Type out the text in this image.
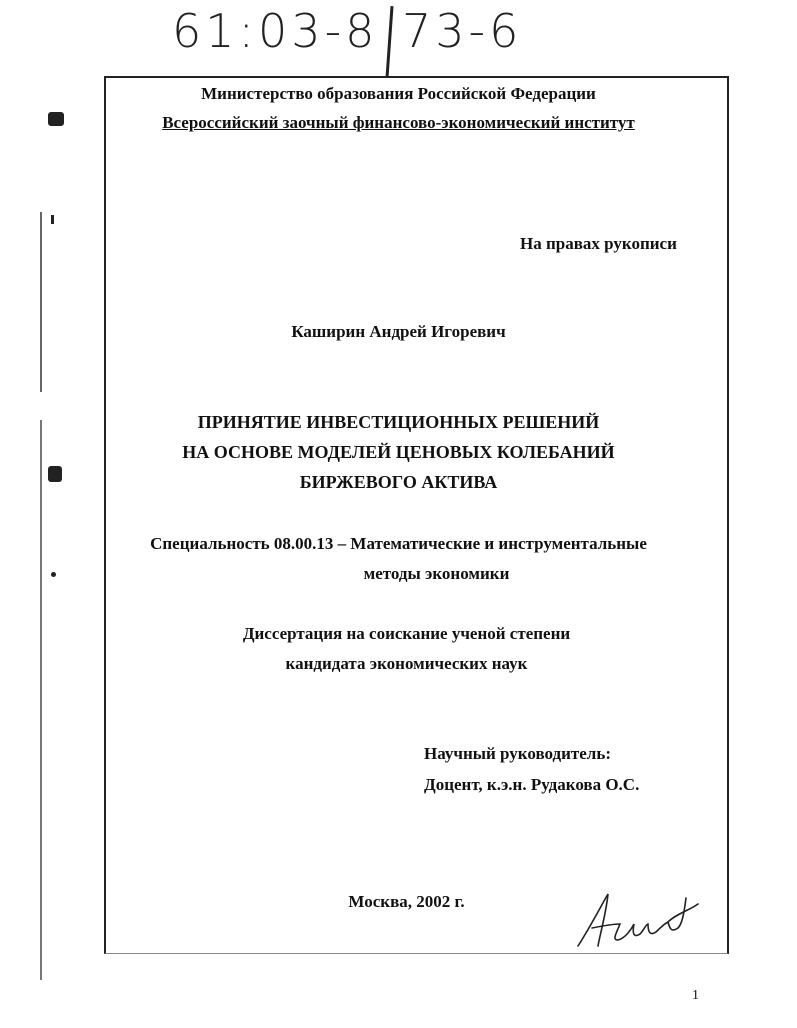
61:03-8 73-6
Министерство образования Российской Федерации
Всероссийский заочный финансово-экономический институт
На правах рукописи
Каширин Андрей Игоревич
ПРИНЯТИЕ ИНВЕСТИЦИОННЫХ РЕШЕНИЙ
НА ОСНОВЕ МОДЕЛЕЙ ЦЕНОВЫХ КОЛЕБАНИЙ
БИРЖЕВОГО АКТИВА
Специальность 08.00.13 – Математические и инструментальные
методы экономики
Диссертация на соискание ученой степени
кандидата экономических наук
Научный руководитель:
Доцент, к.э.н. Рудакова О.С.
Москва, 2002 г.
1
